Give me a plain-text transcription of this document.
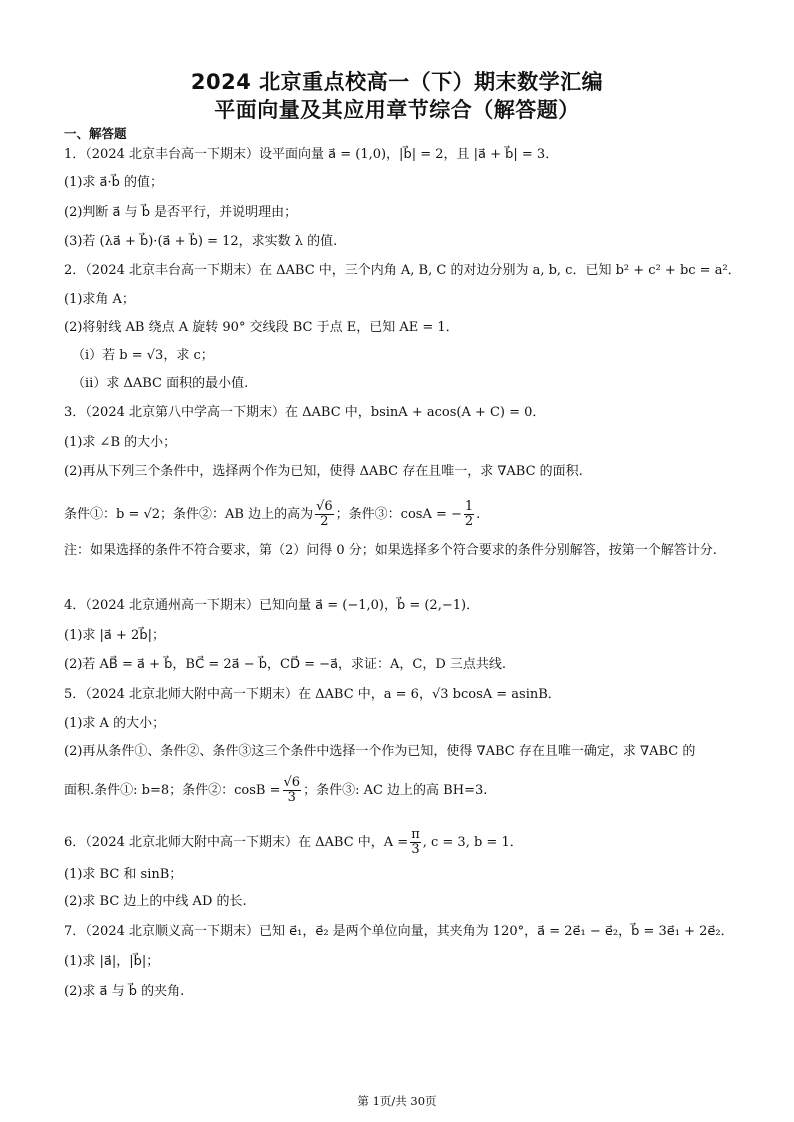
2024 北京重点校高一（下）期末数学汇编
平面向量及其应用章节综合（解答题）
一、解答题
1．（2024 北京丰台高一下期末）设平面向量 a⃗ = (1,0)，|b⃗| = 2，且 |a⃗ + b⃗| = 3．
(1)求 a⃗·b⃗ 的值；
(2)判断 a⃗ 与 b⃗ 是否平行，并说明理由；
(3)若 (λa⃗ + b⃗)·(a⃗ + b⃗) = 12，求实数 λ 的值.
2．（2024 北京丰台高一下期末）在 ΔABC 中，三个内角 A, B, C 的对边分别为 a, b, c．已知 b² + c² + bc = a²．
(1)求角 A；
(2)将射线 AB 绕点 A 旋转 90° 交线段 BC 于点 E，已知 AE = 1．
（i）若 b = √3，求 c；
（ii）求 ΔABC 面积的最小值.
3．（2024 北京第八中学高一下期末）在 ΔABC 中，bsinA + acos(A + C) = 0．
(1)求 ∠B 的大小；
(2)再从下列三个条件中，选择两个作为已知，使得 ΔABC 存在且唯一，求 ∇ABC 的面积.
条件①：b = √2；条件②：AB 边上的高为 $\frac{√6}{2}$ ；条件③：cosA = − $\frac{1}{2}$ .
注：如果选择的条件不符合要求，第（2）问得 0 分；如果选择多个符合要求的条件分别解答，按第一个解答计分.
4．（2024 北京通州高一下期末）已知向量 a⃗ = (−1,0)，b⃗ = (2,−1)．
(1)求 |a⃗ + 2b⃗|；
(2)若 AB⃗ = a⃗ + b⃗，BC⃗ = 2a⃗ − b⃗，CD⃗ = −a⃗，求证：A，C，D 三点共线.
5．（2024 北京北师大附中高一下期末）在 ΔABC 中，a = 6，√3 bcosA = asinB．
(1)求 A 的大小；
(2)再从条件①、条件②、条件③这三个条件中选择一个作为已知，使得 ∇ABC 存在且唯一确定，求 ∇ABC 的
面积.条件①: b=8；条件②：$\cos B = \frac{√6}{3}$ ；条件③: AC 边上的高 BH=3.
6．（2024 北京北师大附中高一下期末）在 ΔABC 中，$A = \frac{\pi}{3}$ , c = 3, b = 1．
(1)求 BC 和 sinB；
(2)求 BC 边上的中线 AD 的长.
7．（2024 北京顺义高一下期末）已知 e⃗₁，e⃗₂ 是两个单位向量，其夹角为 120°，a⃗ = 2e⃗₁ − e⃗₂，b⃗ = 3e⃗₁ + 2e⃗₂．
(1)求 |a⃗|，|b⃗|；
(2)求 a⃗ 与 b⃗ 的夹角.
第 1页/共 30页
